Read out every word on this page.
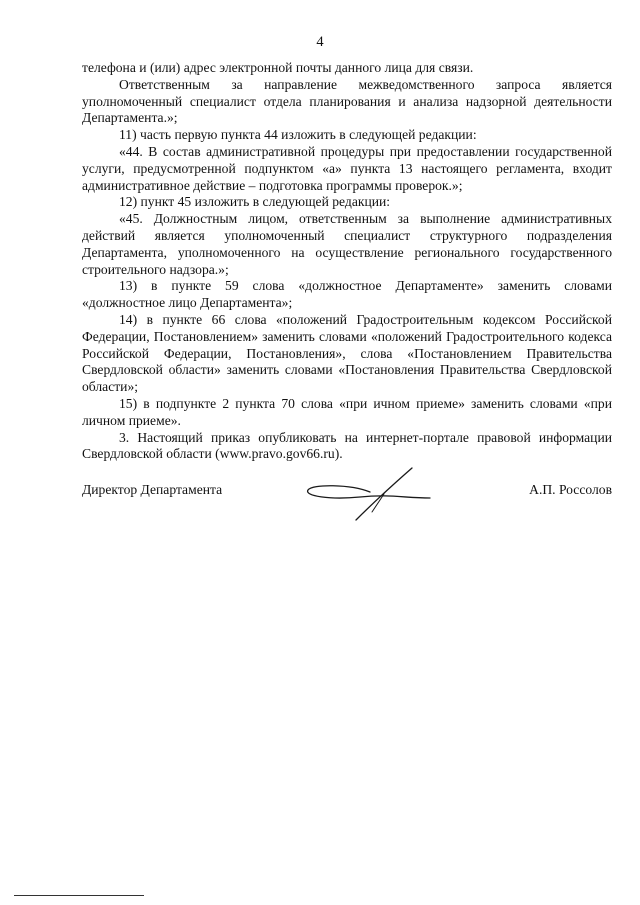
4

телефона и (или) адрес электронной почты данного лица для связи.

Ответственным за направление межведомственного запроса является уполномоченный специалист отдела планирования и анализа надзорной деятельности Департамента.»;

11) часть первую пункта 44 изложить в следующей редакции:

«44. В состав административной процедуры при предоставлении государственной услуги, предусмотренной подпунктом «а» пункта 13 настоящего регламента, входит административное действие – подготовка программы проверок.»;

12) пункт 45 изложить в следующей редакции:

«45. Должностным лицом, ответственным за выполнение административных действий является уполномоченный специалист структурного подразделения Департамента, уполномоченного на осуществление регионального государственного строительного надзора.»;

13) в пункте 59 слова «должностное Департаменте» заменить словами «должностное лицо Департамента»;

14) в пункте 66 слова «положений Градостроительным кодексом Российской Федерации, Постановлением» заменить словами «положений Градостроительного кодекса Российской Федерации, Постановления», слова «Постановлением Правительства Свердловской области» заменить словами «Постановления Правительства Свердловской области»;

15) в подпункте 2 пункта 70 слова «при ичном приеме» заменить словами «при личном приеме».

3. Настоящий приказ опубликовать на интернет-портале правовой информации Свердловской области (www.pravo.gov66.ru).

Директор Департамента	А.П. Россолов
